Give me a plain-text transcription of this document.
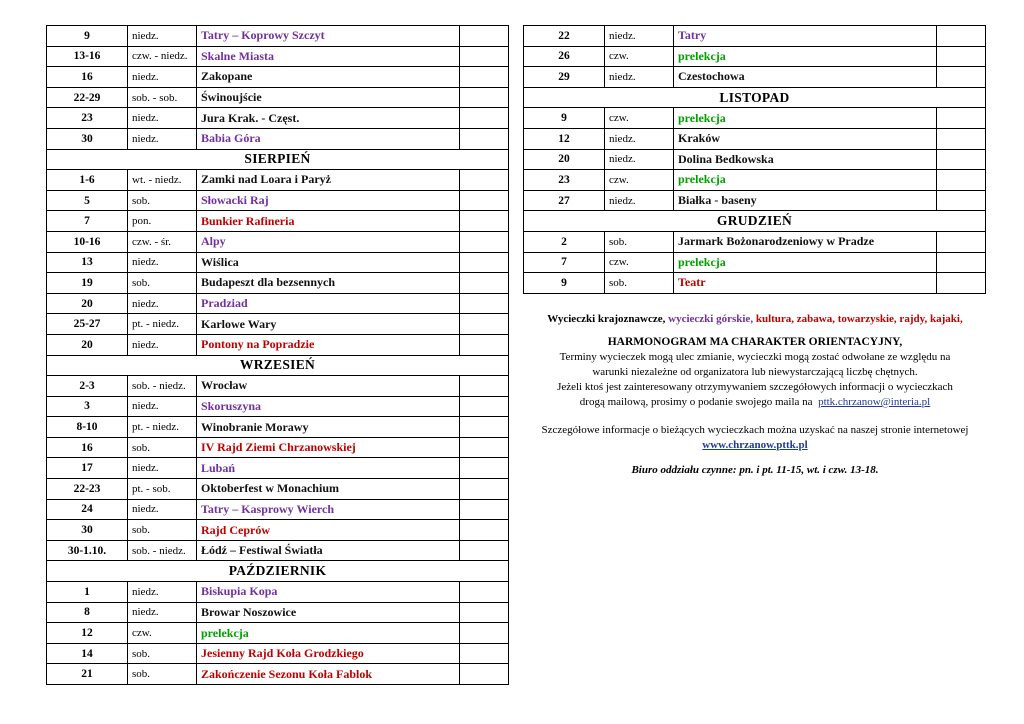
9	niedz.	Tatry – Koprowy Szczyt	
13-16	czw. - niedz.	Skalne Miasta	
16	niedz.	Zakopane	
22-29	sob. - sob.	Świnoujście	
23	niedz.	Jura Krak. - Częst.	
30	niedz.	Babia Góra	
SIERPIEŃ			
1-6	wt. - niedz.	Zamki nad Loara i Paryż	
5	sob.	Słowacki Raj	
7	pon.	Bunkier Rafineria	
10-16	czw. - śr.	Alpy	
13	niedz.	Wiślica	
19	sob.	Budapeszt dla bezsennych	
20	niedz.	Pradziad	
25-27	pt. - niedz.	Karlowe Wary	
20	niedz.	Pontony na Popradzie	
WRZESIEŃ			
2-3	sob. - niedz.	Wrocław	
3	niedz.	Skoruszyna	
8-10	pt. - niedz.	Winobranie Morawy	
16	sob.	IV Rajd Ziemi Chrzanowskiej	
17	niedz.	Lubań	
22-23	pt. - sob.	Oktoberfest w Monachium	
24	niedz.	Tatry – Kasprowy Wierch	
30	sob.	Rajd Ceprów	
30-1.10.	sob. - niedz.	Łódź – Festiwal Światła	
PAŹDZIERNIK			
1	niedz.	Biskupia Kopa	
8	niedz.	Browar Noszowice	
12	czw.	prelekcja	
14	sob.	Jesienny Rajd Koła Grodzkiego	
21	sob.	Zakończenie Sezonu Koła Fablok	
22	niedz.	Tatry	
26	czw.	prelekcja	
29	niedz.	Czestochowa	
LISTOPAD			
9	czw.	prelekcja	
12	niedz.	Kraków	
20	niedz.	Dolina Bedkowska	
23	czw.	prelekcja	
27	niedz.	Białka - baseny	
GRUDZIEŃ			
2	sob.	Jarmark Bożonarodzeniowy w Pradze	
7	czw.	prelekcja	
9	sob.	Teatr	

Wycieczki krajoznawcze, wycieczki górskie, kultura, zabawa, towarzyskie, rajdy, kajaki,

HARMONOGRAM MA CHARAKTER ORIENTACYJNY,

Terminy wycieczek mogą ulec zmianie, wycieczki mogą zostać odwołane ze względu na

warunki niezależne od organizatora lub niewystarczającą liczbę chętnych.

Jeżeli ktoś jest zainteresowany otrzymywaniem szczegółowych informacji o wycieczkach

drogą mailową, prosimy o podanie swojego maila na pttk.chrzanow@interia.pl

Szczegółowe informacje o bieżących wycieczkach można uzyskać na naszej stronie internetowej

www.chrzanow.pttk.pl

Biuro oddziału czynne: pn. i pt. 11-15, wt. i czw. 13-18.
